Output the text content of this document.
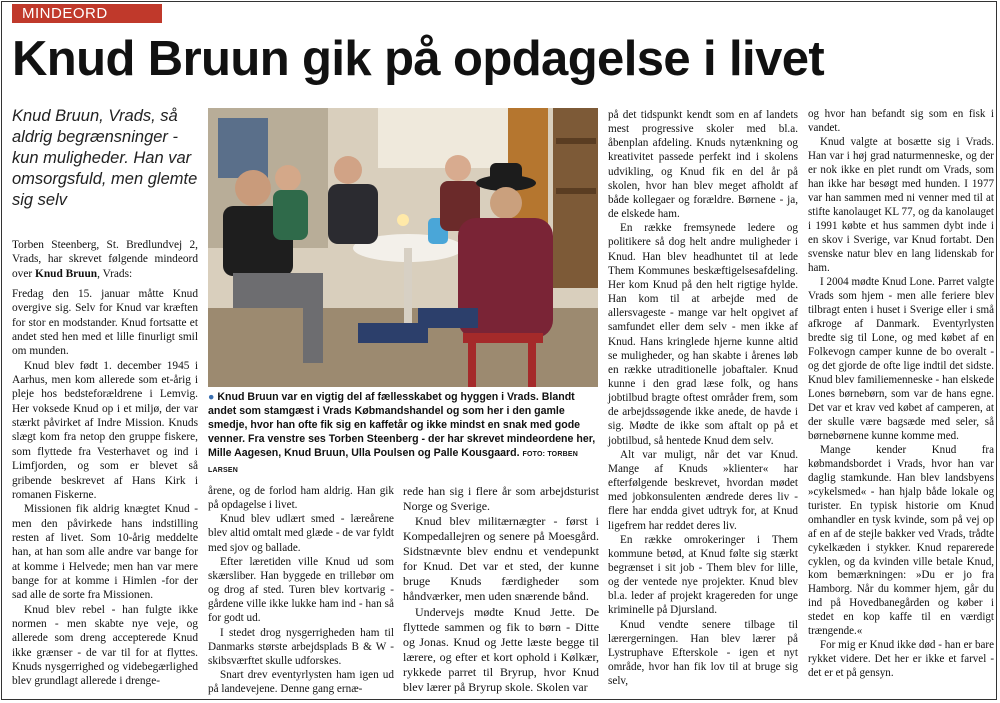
MINDEORD
Knud Bruun gik på opdagelse i livet
Knud Bruun, Vrads, så aldrig begrænsninger - kun muligheder. Han var omsorgsfuld, men glemte sig selv

Torben Steenberg, St. Bredlundvej 2, Vrads, har skrevet følgende mindeord over Knud Bruun, Vrads:

Fredag den 15. januar måtte Knud overgive sig. Selv for Knud var kræften for stor en modstander. Knud fortsatte et andet sted hen med et lille finurligt smil om munden.

Knud blev født 1. december 1945 i Aarhus, men kom allerede som et-årig i pleje hos bedsteforældrene i Lemvig. Her voksede Knud op i et miljø, der var stærkt påvirket af Indre Mission. Knuds slægt kom fra netop den gruppe fiskere, som flyttede fra Vesterhavet og ind i Limfjorden, og som er blevet så gribende beskrevet af Hans Kirk i romanen Fiskerne.

Missionen fik aldrig knægtet Knud - men den påvirkede hans indstilling resten af livet. Som 10-årig meddelte han, at han som alle andre var bange for at komme i Helvede; men han var mere bange for at komme i Himlen -for der sad alle de sorte fra Missionen.

Knud blev rebel - han fulgte ikke normen - men skabte nye veje, og allerede som dreng accepterede Knud ikke grænser - de var til for at flyttes. Knuds nysgerrighed og videbegærlighed blev grundlagt allerede i drenge-

● Knud Bruun var en vigtig del af fællesskabet og hyggen i Vrads. Blandt andet som stamgæst i Vrads Købmandshandel og som her i den gamle smedje, hvor han ofte fik sig en kaffetår og ikke mindst en snak med gode venner. Fra venstre ses Torben Steenberg - der har skrevet mindeordene her, Mille Aagesen, Knud Bruun, Ulla Poulsen og Palle Kousgaard. FOTO: TORBEN LARSEN

årene, og de forlod ham aldrig. Han gik på opdagelse i livet.

Knud blev udlært smed - læreårene blev altid omtalt med glæde - de var fyldt med sjov og ballade.

Efter læretiden ville Knud ud som skærsliber. Han byggede en trillebør om og drog af sted. Turen blev kortvarig - gårdene ville ikke lukke ham ind - han så for godt ud.

I stedet drog nysgerrigheden ham til Danmarks største arbejdsplads B & W - skibsværftet skulle udforskes.

Snart drev eventyrlysten ham igen ud på landevejene. Denne gang ernæ-

rede han sig i flere år som arbejdsturist Norge og Sverige.

Knud blev militærnægter - først i Kompedallejren og senere på Moesgård. Sidstnævnte blev endnu et vendepunkt for Knud. Det var et sted, der kunne bruge Knuds færdigheder som håndværker, men uden snærende bånd.

Undervejs mødte Knud Jette. De flyttede sammen og fik to børn - Ditte og Jonas. Knud og Jette læste begge til lærere, og efter et kort ophold i Kølkær, rykkede parret til Bryrup, hvor Knud blev lærer på Bryrup skole. Skolen var

på det tidspunkt kendt som en af landets mest progressive skoler med bl.a. åbenplan afdeling. Knuds nytænkning og kreativitet passede perfekt ind i skolens udvikling, og Knud fik en del år på skolen, hvor han blev meget afholdt af både kollegaer og forældre. Børnene - ja, de elskede ham.

En række fremsynede ledere og politikere så dog helt andre muligheder i Knud. Han blev headhuntet til at lede Them Kommunes beskæftigelsesafdeling. Her kom Knud på den helt rigtige hylde. Han kom til at arbejde med de allersvageste - mange var helt opgivet af samfundet eller dem selv - men ikke af Knud. Hans kringlede hjerne kunne altid se muligheder, og han skabte i årenes løb en række utraditionelle jobaftaler. Knud kunne i den grad læse folk, og hans jobtilbud bragte oftest områder frem, som de arbejdssøgende ikke anede, de havde i sig. Mødte de ikke som aftalt op på et jobtilbud, så hentede Knud dem selv.

Alt var muligt, når det var Knud. Mange af Knuds »klienter« har efterfølgende beskrevet, hvordan mødet med jobkonsulenten ændrede deres liv - flere har endda givet udtryk for, at Knud ligefrem har reddet deres liv.

En række omrokeringer i Them kommune betød, at Knud følte sig stærkt begrænset i sit job - Them blev for lille, og der ventede nye projekter. Knud blev bl.a. leder af projekt kragereden for unge kriminelle på Djursland.

Knud vendte senere tilbage til lærergerningen. Han blev lærer på Lystruphave Efterskole - igen et nyt område, hvor han fik lov til at bruge sig selv,

og hvor han befandt sig som en fisk i vandet.

Knud valgte at bosætte sig i Vrads. Han var i høj grad naturmenneske, og der er nok ikke en plet rundt om Vrads, som han ikke har besøgt med hunden. I 1977 var han sammen med ni venner med til at stifte kanolauget KL 77, og da kanolauget i 1991 købte et hus sammen dybt inde i en skov i Sverige, var Knud fortabt. Den svenske natur blev en lang lidenskab for ham.

I 2004 mødte Knud Lone. Parret valgte Vrads som hjem - men alle feriere blev tilbragt enten i huset i Sverige eller i små afkroge af Danmark. Eventyrlysten bredte sig til Lone, og med købet af en Folkevogn camper kunne de bo overalt - og det gjorde de ofte lige indtil det sidste. Knud blev familiemenneske - han elskede Lones børnebørn, som var de hans egne. Det var et krav ved købet af camperen, at der skulle være bagsæde med seler, så børnebørnene kunne komme med.

Mange kender Knud fra købmandsbordet i Vrads, hvor han var daglig stamkunde. Han blev landsbyens »cykelsmed« - han hjalp både lokale og turister. En typisk historie om Knud omhandler en tysk kvinde, som på vej op af en af de stejle bakker ved Vrads, trådte cykelkæden i stykker. Knud reparerede cyklen, og da kvinden ville betale Knud, kom bemærkningen: »Du er jo fra Hamborg. Når du kommer hjem, går du ind på Hovedbanegården og køber i stedet en kop kaffe til en værdigt trængende.«

For mig er Knud ikke død - han er bare rykket videre. Det her er ikke et farvel - det er et på gensyn.
